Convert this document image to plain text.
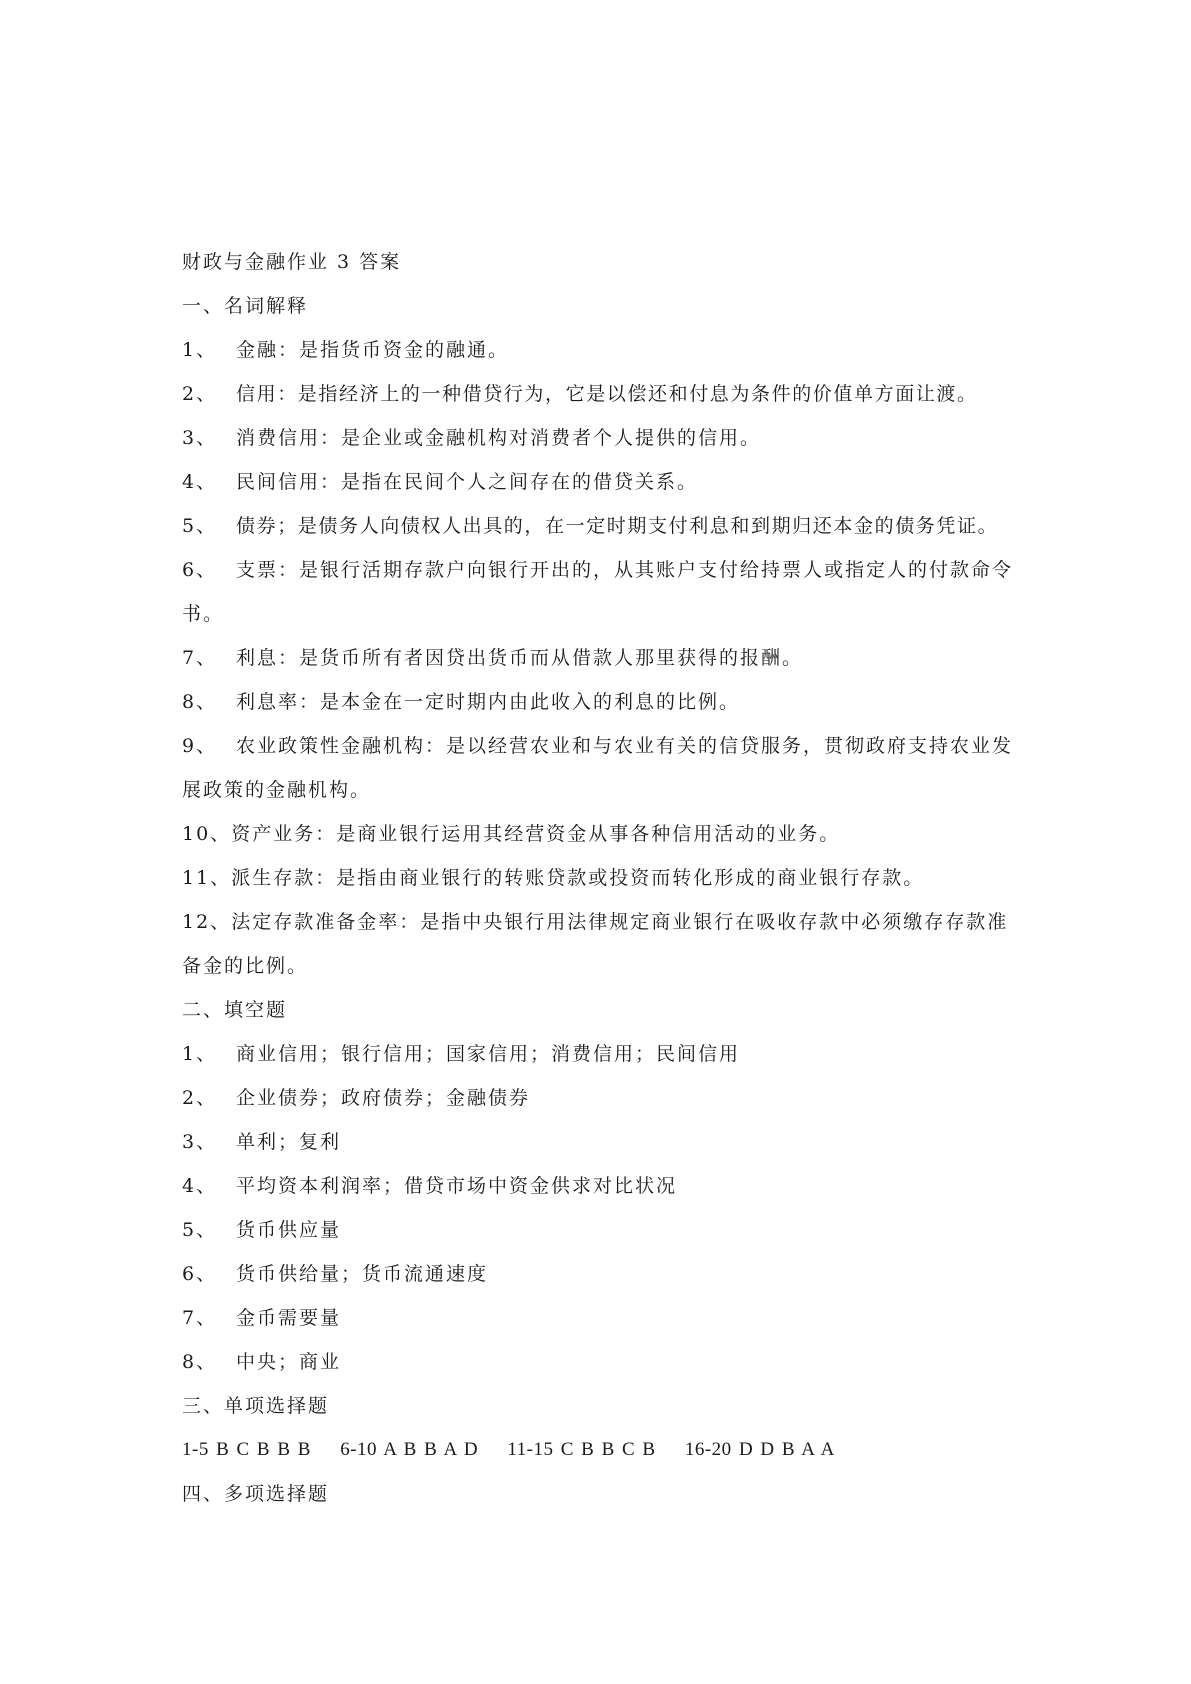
财政与金融作业 3 答案
一、名词解释
1、 金融：是指货币资金的融通。
2、 信用：是指经济上的一种借贷行为，它是以偿还和付息为条件的价值单方面让渡。
3、 消费信用：是企业或金融机构对消费者个人提供的信用。
4、 民间信用：是指在民间个人之间存在的借贷关系。
5、 债券；是债务人向债权人出具的，在一定时期支付利息和到期归还本金的债务凭证。
6、 支票：是银行活期存款户向银行开出的，从其账户支付给持票人或指定人的付款命令书。
7、 利息：是货币所有者因贷出货币而从借款人那里获得的报酬。
8、 利息率：是本金在一定时期内由此收入的利息的比例。
9、 农业政策性金融机构：是以经营农业和与农业有关的信贷服务，贯彻政府支持农业发展政策的金融机构。
10、 资产业务：是商业银行运用其经营资金从事各种信用活动的业务。
11、 派生存款：是指由商业银行的转账贷款或投资而转化形成的商业银行存款。
12、法定存款准备金率：是指中央银行用法律规定商业银行在吸收存款中必须缴存存款准备金的比例。
二、填空题
1、 商业信用；银行信用；国家信用；消费信用；民间信用
2、 企业债券；政府债券；金融债券
3、 单利；复利
4、 平均资本利润率；借贷市场中资金供求对比状况
5、 货币供应量
6、 货币供给量；货币流通速度
7、 金币需要量
8、 中央；商业
三、单项选择题
1-5 B C B B B 6-10 A B B A D 11-15 C B B C B 16-20 D D B A A
四、多项选择题
